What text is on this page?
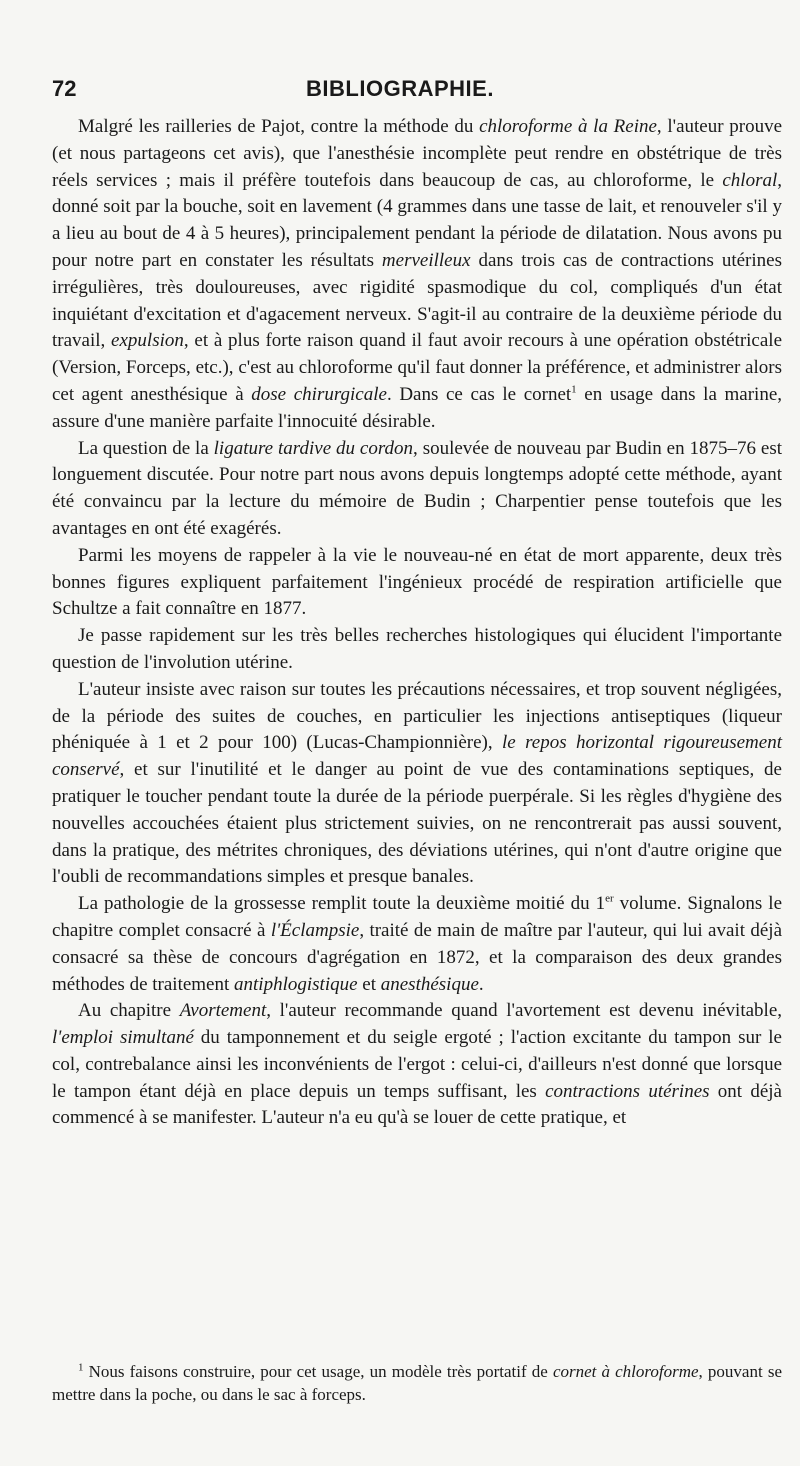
72	BIBLIOGRAPHIE.

Malgré les railleries de Pajot, contre la méthode du chloroforme à la Reine, l'auteur prouve (et nous partageons cet avis), que l'anesthésie incomplète peut rendre en obstétrique de très réels services ; mais il préfère toutefois dans beaucoup de cas, au chloroforme, le chloral, donné soit par la bouche, soit en lavement (4 grammes dans une tasse de lait, et renouveler s'il y a lieu au bout de 4 à 5 heures), principalement pendant la période de dilatation. Nous avons pu pour notre part en constater les résultats merveilleux dans trois cas de contractions utérines irrégulières, très douloureuses, avec rigidité spasmodique du col, compliqués d'un état inquiétant d'excitation et d'agacement nerveux. S'agit-il au contraire de la deuxième période du travail, expulsion, et à plus forte raison quand il faut avoir recours à une opération obstétricale (Version, Forceps, etc.), c'est au chloroforme qu'il faut donner la préférence, et administrer alors cet agent anesthésique à dose chirurgicale. Dans ce cas le cornet$^1$ en usage dans la marine, assure d'une manière parfaite l'innocuité désirable.

La question de la ligature tardive du cordon, soulevée de nouveau par Budin en 1875–76 est longuement discutée. Pour notre part nous avons depuis longtemps adopté cette méthode, ayant été convaincu par la lecture du mémoire de Budin ; Charpentier pense toutefois que les avantages en ont été exagérés.

Parmi les moyens de rappeler à la vie le nouveau-né en état de mort apparente, deux très bonnes figures expliquent parfaitement l'ingénieux procédé de respiration artificielle que Schultze a fait connaître en 1877.

Je passe rapidement sur les très belles recherches histologiques qui élucident l'importante question de l'involution utérine.

L'auteur insiste avec raison sur toutes les précautions nécessaires, et trop souvent négligées, de la période des suites de couches, en particulier les injections antiseptiques (liqueur phéniquée à 1 et 2 pour 100) (Lucas-Championnière), le repos horizontal rigoureusement conservé, et sur l'inutilité et le danger au point de vue des contaminations septiques, de pratiquer le toucher pendant toute la durée de la période puerpérale. Si les règles d'hygiène des nouvelles accouchées étaient plus strictement suivies, on ne rencontrerait pas aussi souvent, dans la pratique, des métrites chroniques, des déviations utérines, qui n'ont d'autre origine que l'oubli de recommandations simples et presque banales.

La pathologie de la grossesse remplit toute la deuxième moitié du 1er volume. Signalons le chapitre complet consacré à l'Éclampsie, traité de main de maître par l'auteur, qui lui avait déjà consacré sa thèse de concours d'agrégation en 1872, et la comparaison des deux grandes méthodes de traitement antiphlogistique et anesthésique.

Au chapitre Avortement, l'auteur recommande quand l'avortement est devenu inévitable, l'emploi simultané du tamponnement et du seigle ergoté ; l'action excitante du tampon sur le col, contrebalance ainsi les inconvénients de l'ergot : celui-ci, d'ailleurs n'est donné que lorsque le tampon étant déjà en place depuis un temps suffisant, les contractions utérines ont déjà commencé à se manifester. L'auteur n'a eu qu'à se louer de cette pratique, et

$^1$ Nous faisons construire, pour cet usage, un modèle très portatif de cornet à chloroforme, pouvant se mettre dans la poche, ou dans le sac à forceps.
